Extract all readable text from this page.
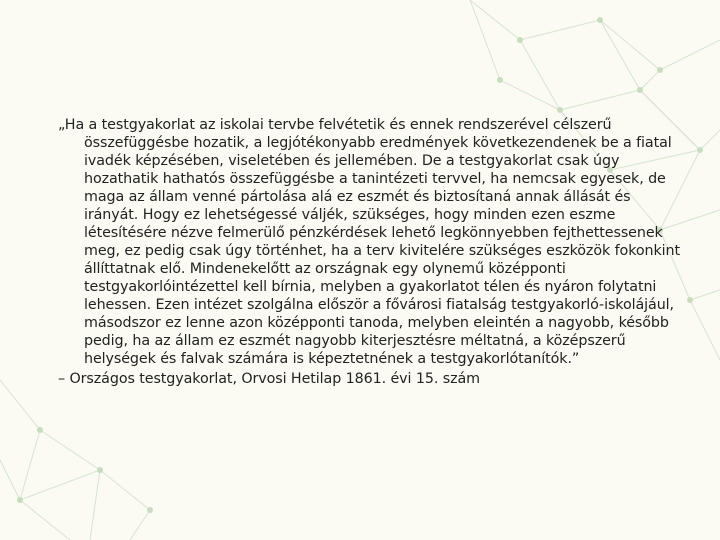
„Ha a testgyakorlat az iskolai tervbe felvétetik és ennek rendszerével célszerű összefüggésbe hozatik, a legjótékonyabb eredmények következendenek be a fiatal ivadék képzésében, viseletében és jellemében. De a testgyakorlat csak úgy hozathatik hathatós összefüggésbe a tanintézeti tervvel, ha nemcsak egyesek, de maga az állam venné pártolása alá ez eszmét és biztosítaná annak állását és irányát. Hogy ez lehetségessé váljék, szükséges, hogy minden ezen eszme létesítésére nézve felmerülő pénzkérdések lehető legkönnyebben fejthettessenek meg, ez pedig csak úgy történhet, ha a terv kivitelére szükséges eszközök fokonkint állíttatnak elő. Mindenekelőtt az országnak egy olynemű középponti testgyakorlóintézettel kell bírnia, melyben a gyakorlatot télen és nyáron folytatni lehessen. Ezen intézet szolgálna először a fővárosi fiatalság testgyakorló-iskolájául, másodszor ez lenne azon középponti tanoda, melyben eleintén a nagyobb, később pedig, ha az állam ez eszmét nagyobb kiterjesztésre méltatná, a középszerű helységek és falvak számára is képeztetnének a testgyakorlótanítók.”

– Országos testgyakorlat, Orvosi Hetilap 1861. évi 15. szám
